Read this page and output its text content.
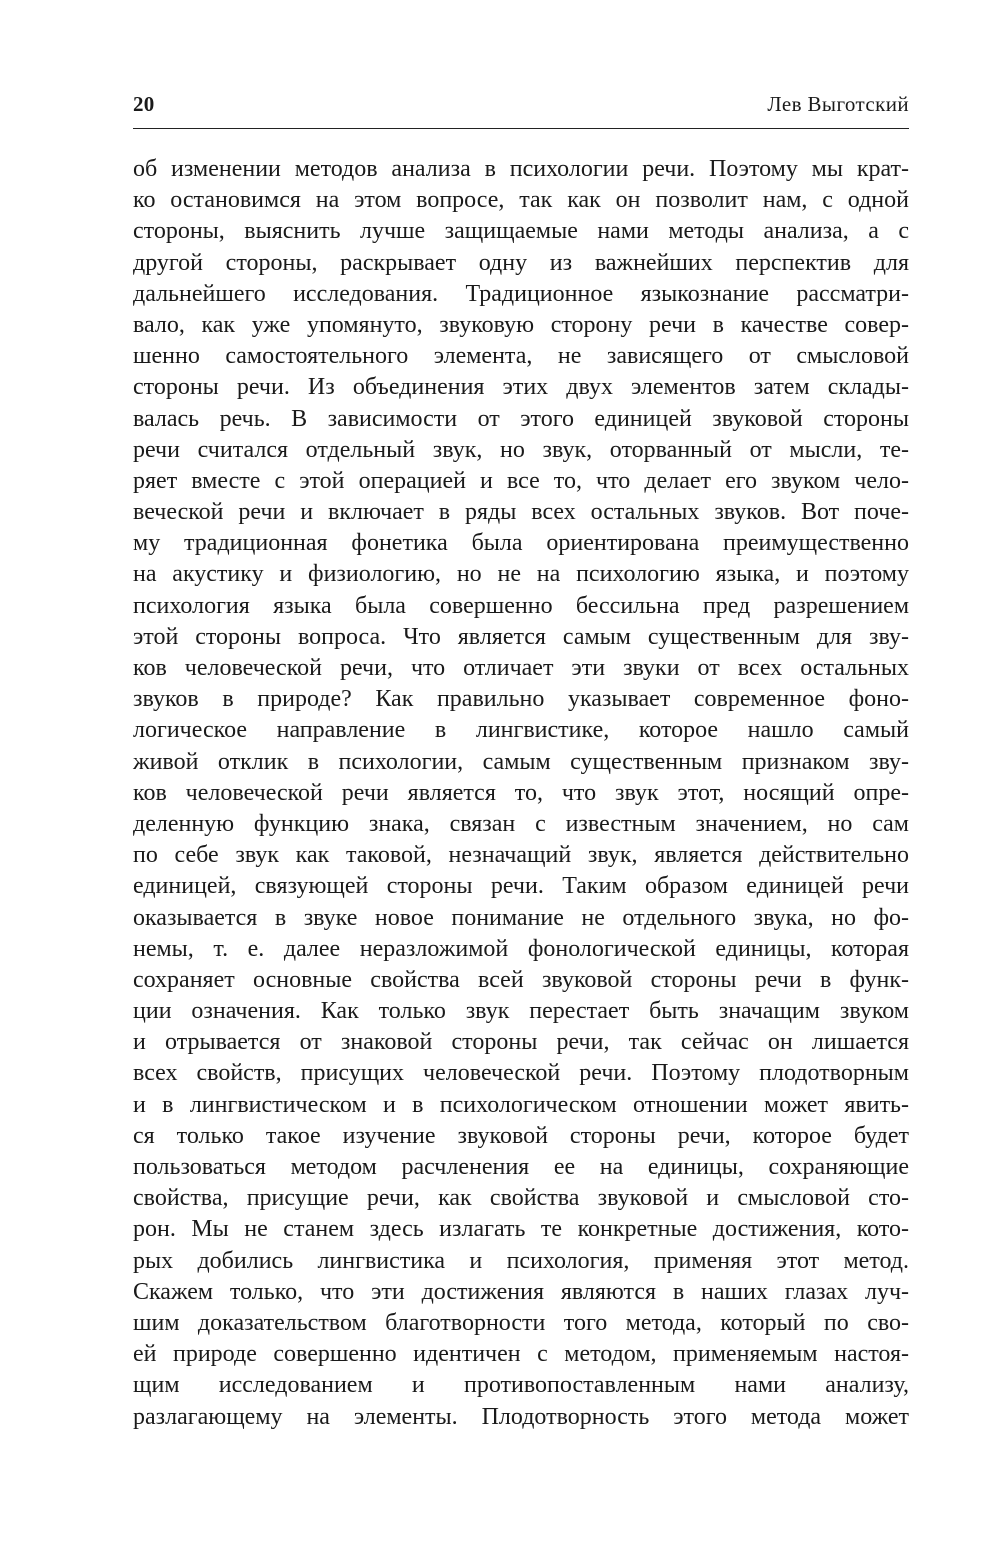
20	Лев Выготский
об изменении методов анализа в психологии речи. Поэтому мы крат-
ко остановимся на этом вопросе, так как он позволит нам, с одной
стороны, выяснить лучше защищаемые нами методы анализа, а с
другой стороны, раскрывает одну из важнейших перспектив для
дальнейшего исследования. Традиционное языкознание рассматри-
вало, как уже упомянуто, звуковую сторону речи в качестве совер-
шенно самостоятельного элемента, не зависящего от смысловой
стороны речи. Из объединения этих двух элементов затем склады-
валась речь. В зависимости от этого единицей звуковой стороны
речи считался отдельный звук, но звук, оторванный от мысли, те-
ряет вместе с этой операцией и все то, что делает его звуком чело-
веческой речи и включает в ряды всех остальных звуков. Вот поче-
му традиционная фонетика была ориентирована преимущественно
на акустику и физиологию, но не на психологию языка, и поэтому
психология языка была совершенно бессильна пред разрешением
этой стороны вопроса. Что является самым существенным для зву-
ков человеческой речи, что отличает эти звуки от всех остальных
звуков в природе? Как правильно указывает современное фоно-
логическое направление в лингвистике, которое нашло самый
живой отклик в психологии, самым существенным признаком зву-
ков человеческой речи является то, что звук этот, носящий опре-
деленную функцию знака, связан с известным значением, но сам
по себе звук как таковой, незначащий звук, является действительно
единицей, связующей стороны речи. Таким образом единицей речи
оказывается в звуке новое понимание не отдельного звука, но фо-
немы, т. е. далее неразложимой фонологической единицы, которая
сохраняет основные свойства всей звуковой стороны речи в функ-
ции означения. Как только звук перестает быть значащим звуком
и отрывается от знаковой стороны речи, так сейчас он лишается
всех свойств, присущих человеческой речи. Поэтому плодотворным
и в лингвистическом и в психологическом отношении может явить-
ся только такое изучение звуковой стороны речи, которое будет
пользоваться методом расчленения ее на единицы, сохраняющие
свойства, присущие речи, как свойства звуковой и смысловой сто-
рон. Мы не станем здесь излагать те конкретные достижения, кото-
рых добились лингвистика и психология, применяя этот метод.
Скажем только, что эти достижения являются в наших глазах луч-
шим доказательством благотворности того метода, который по сво-
ей природе совершенно идентичен с методом, применяемым настоя-
щим исследованием и противопоставленным нами анализу,
разлагающему на элементы. Плодотворность этого метода может
